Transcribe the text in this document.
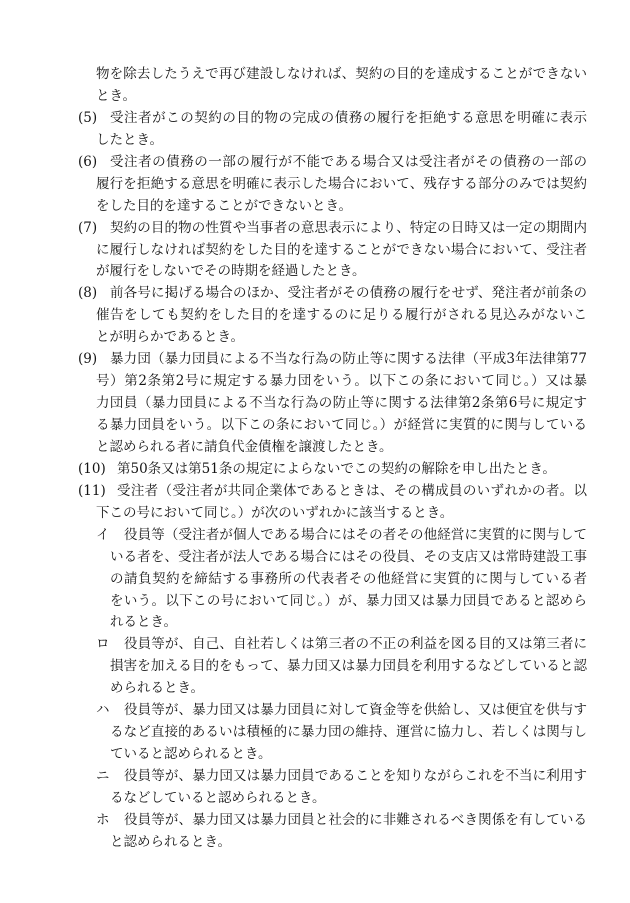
物を除去したうえで再び建設しなければ、契約の目的を達成することができない
とき。
(5) 受注者がこの契約の目的物の完成の債務の履行を拒絶する意思を明確に表示
したとき。
(6) 受注者の債務の一部の履行が不能である場合又は受注者がその債務の一部の
履行を拒絶する意思を明確に表示した場合において、残存する部分のみでは契約
をした目的を達することができないとき。
(7) 契約の目的物の性質や当事者の意思表示により、特定の日時又は一定の期間内
に履行しなければ契約をした目的を達することができない場合において、受注者
が履行をしないでその時期を経過したとき。
(8) 前各号に掲げる場合のほか、受注者がその債務の履行をせず、発注者が前条の
催告をしても契約をした目的を達するのに足りる履行がされる見込みがないこ
とが明らかであるとき。
(9) 暴力団（暴力団員による不当な行為の防止等に関する法律（平成3年法律第77
号）第2条第2号に規定する暴力団をいう。以下この条において同じ。）又は暴
力団員（暴力団員による不当な行為の防止等に関する法律第2条第6号に規定す
る暴力団員をいう。以下この条において同じ。）が経営に実質的に関与している
と認められる者に請負代金債権を譲渡したとき。
(10) 第50条又は第51条の規定によらないでこの契約の解除を申し出たとき。
(11) 受注者（受注者が共同企業体であるときは、その構成員のいずれかの者。以
下この号において同じ。）が次のいずれかに該当するとき。
イ 役員等（受注者が個人である場合にはその者その他経営に実質的に関与して
いる者を、受注者が法人である場合にはその役員、その支店又は常時建設工事
の請負契約を締結する事務所の代表者その他経営に実質的に関与している者
をいう。以下この号において同じ。）が、暴力団又は暴力団員であると認めら
れるとき。
ロ 役員等が、自己、自社若しくは第三者の不正の利益を図る目的又は第三者に
損害を加える目的をもって、暴力団又は暴力団員を利用するなどしていると認
められるとき。
ハ 役員等が、暴力団又は暴力団員に対して資金等を供給し、又は便宜を供与す
るなど直接的あるいは積極的に暴力団の維持、運営に協力し、若しくは関与し
ていると認められるとき。
ニ 役員等が、暴力団又は暴力団員であることを知りながらこれを不当に利用す
るなどしていると認められるとき。
ホ 役員等が、暴力団又は暴力団員と社会的に非難されるべき関係を有している
と認められるとき。
